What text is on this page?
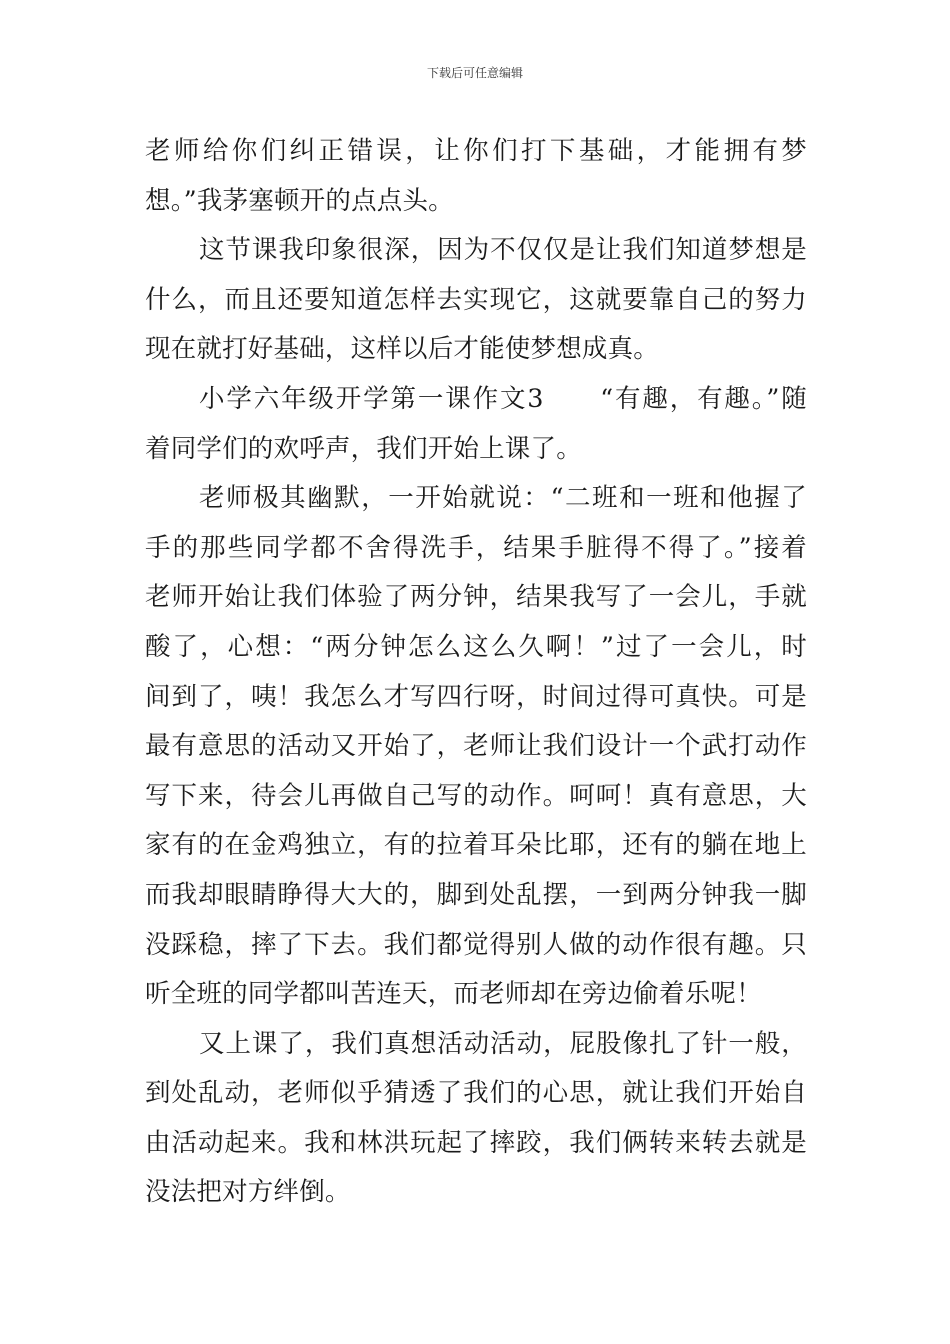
下载后可任意编辑
老师给你们纠正错误，让你们打下基础，才能拥有梦
想。”我茅塞顿开的点点头。
这节课我印象很深，因为不仅仅是让我们知道梦想是
什么，而且还要知道怎样去实现它，这就要靠自己的努力
现在就打好基础，这样以后才能使梦想成真。
小学六年级开学第一课作文3　　“有趣，有趣。”随
着同学们的欢呼声，我们开始上课了。
老师极其幽默，一开始就说：“二班和一班和他握了
手的那些同学都不舍得洗手，结果手脏得不得了。”接着
老师开始让我们体验了两分钟，结果我写了一会儿，手就
酸了，心想：“两分钟怎么这么久啊！”过了一会儿，时
间到了，咦！我怎么才写四行呀，时间过得可真快。可是
最有意思的活动又开始了，老师让我们设计一个武打动作
写下来，待会儿再做自己写的动作。呵呵！真有意思，大
家有的在金鸡独立，有的拉着耳朵比耶，还有的躺在地上
而我却眼睛睁得大大的，脚到处乱摆，一到两分钟我一脚
没踩稳，摔了下去。我们都觉得别人做的动作很有趣。只
听全班的同学都叫苦连天，而老师却在旁边偷着乐呢！
又上课了，我们真想活动活动，屁股像扎了针一般，
到处乱动，老师似乎猜透了我们的心思，就让我们开始自
由活动起来。我和林洪玩起了摔跤，我们俩转来转去就是
没法把对方绊倒。
